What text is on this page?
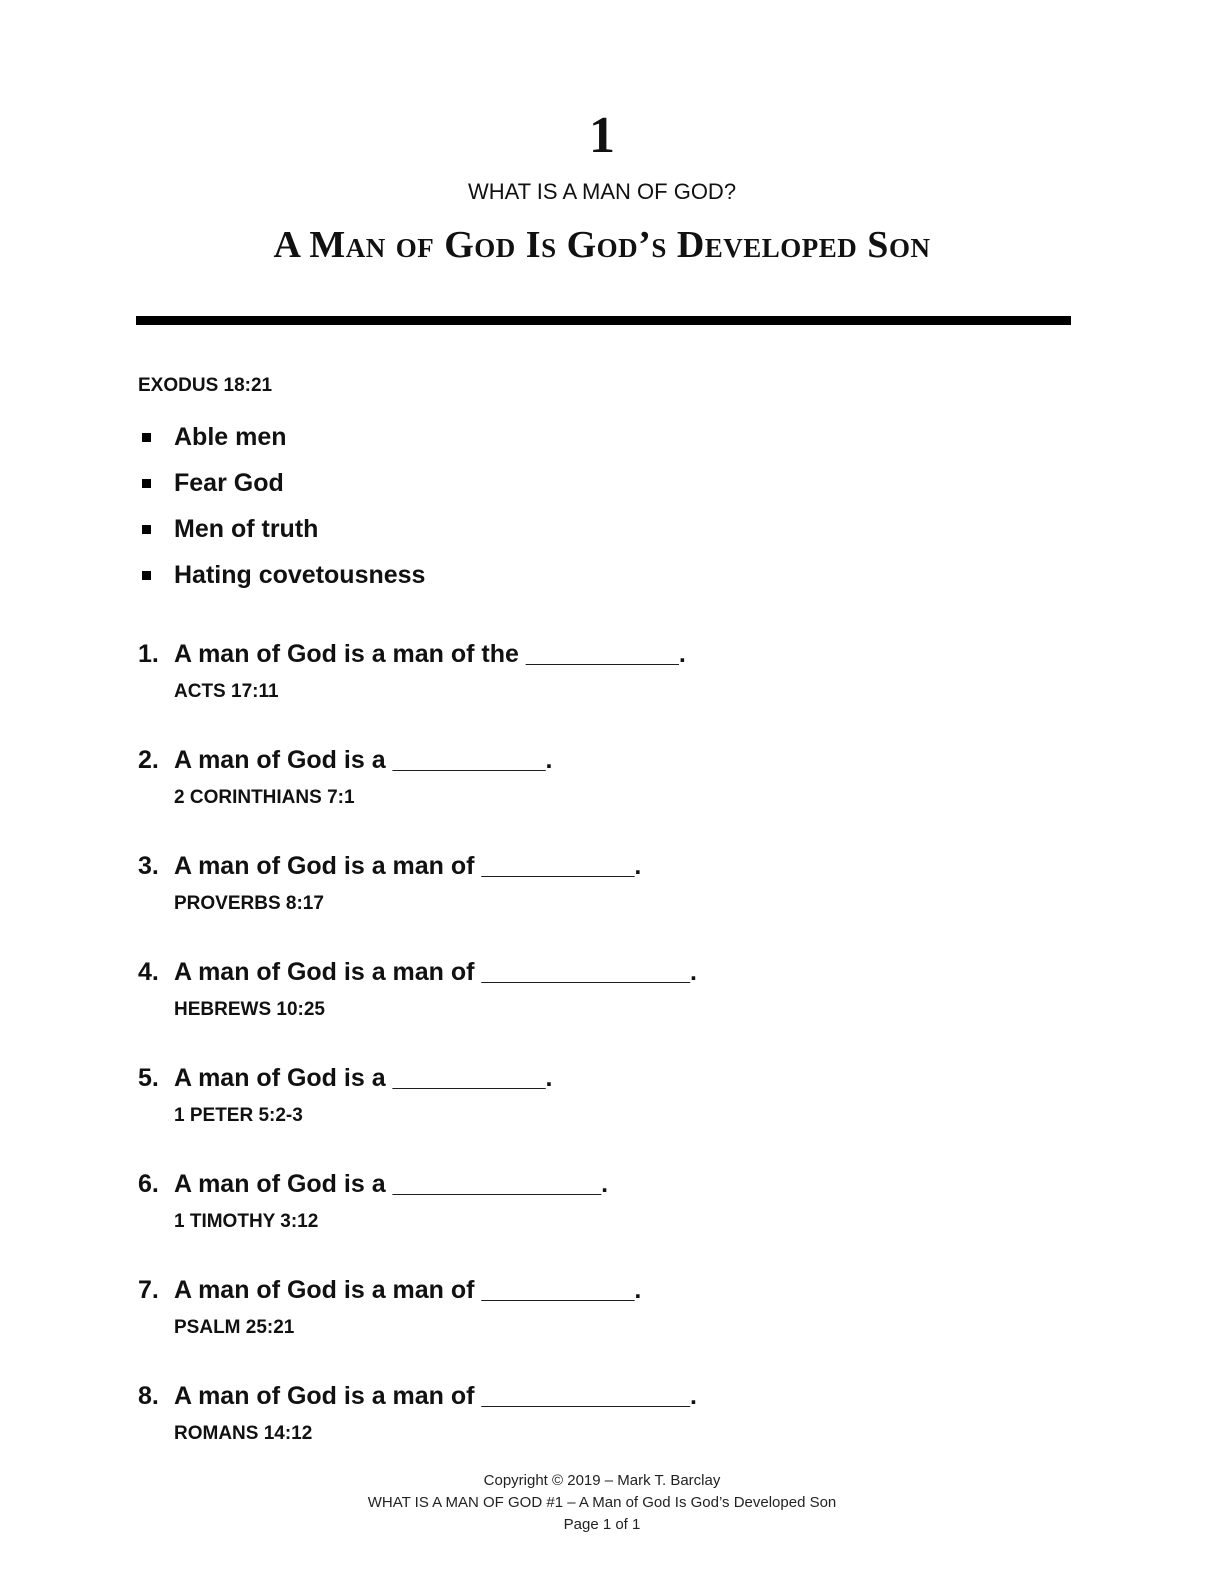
1
WHAT IS A MAN OF GOD?
A Man of God Is God’s Developed Son
EXODUS 18:21
Able men
Fear God
Men of truth
Hating covetousness
1. A man of God is a man of the ___________.
ACTS 17:11
2. A man of God is a ___________.
2 CORINTHIANS 7:1
3. A man of God is a man of ___________.
PROVERBS 8:17
4. A man of God is a man of _______________.
HEBREWS 10:25
5. A man of God is a ___________.
1 PETER 5:2-3
6. A man of God is a _______________.
1 TIMOTHY 3:12
7. A man of God is a man of ___________.
PSALM 25:21
8. A man of God is a man of _______________.
ROMANS 14:12
Copyright © 2019 – Mark T. Barclay
WHAT IS A MAN OF GOD #1 – A Man of God Is God’s Developed Son
Page 1 of 1
